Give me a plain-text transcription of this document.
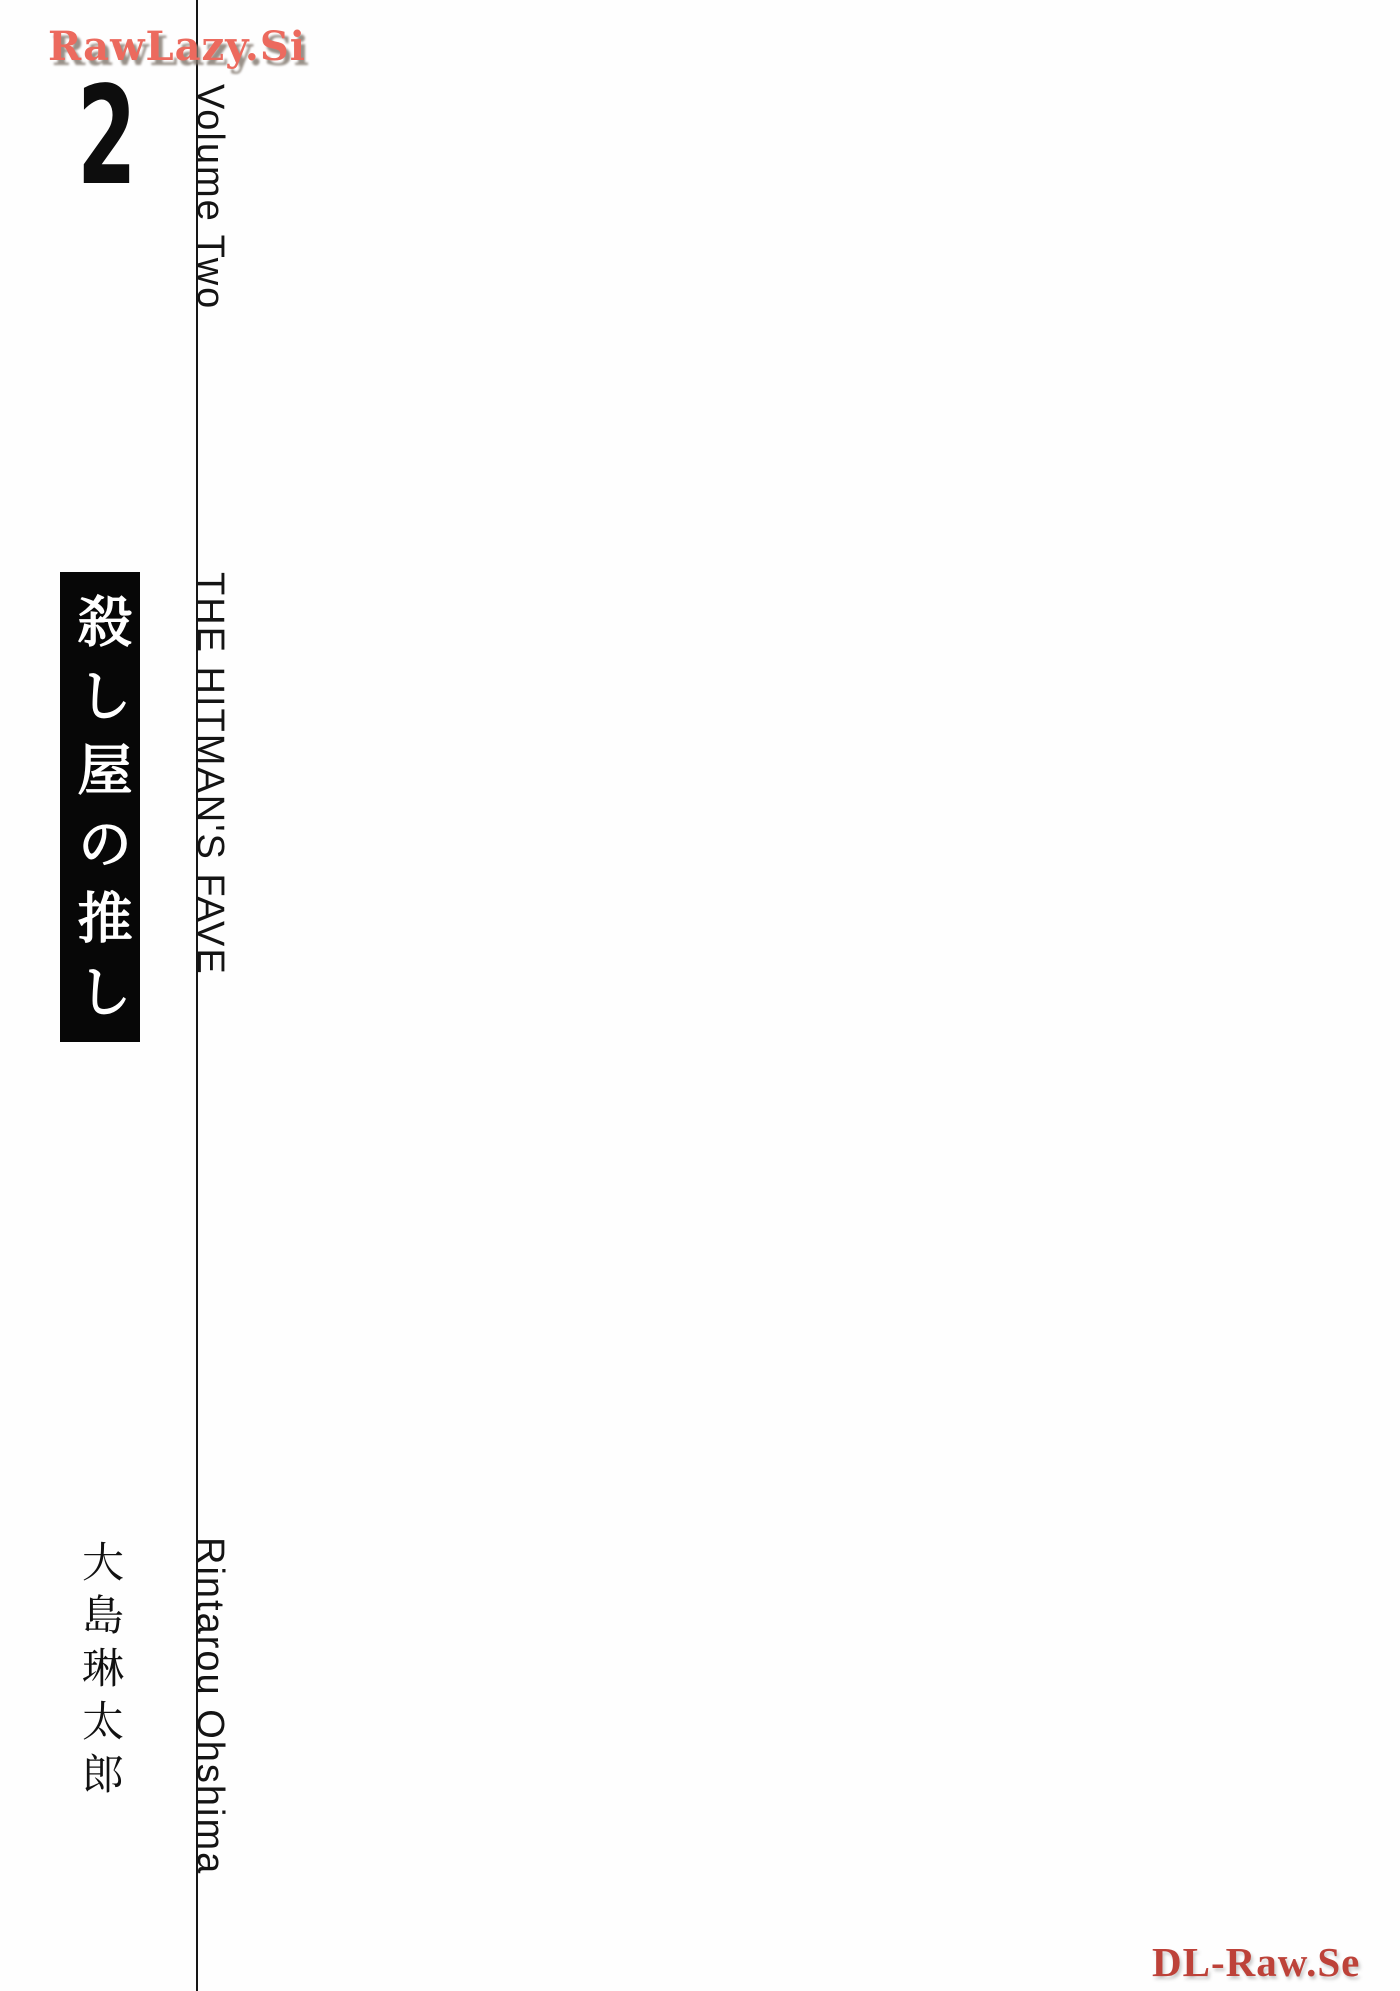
RawLazy.Si
2 Volume Two
殺し屋の推し THE HITMAN'S FAVE
大島琳太郎 Rintarou Ohshima
DL-Raw.Se
